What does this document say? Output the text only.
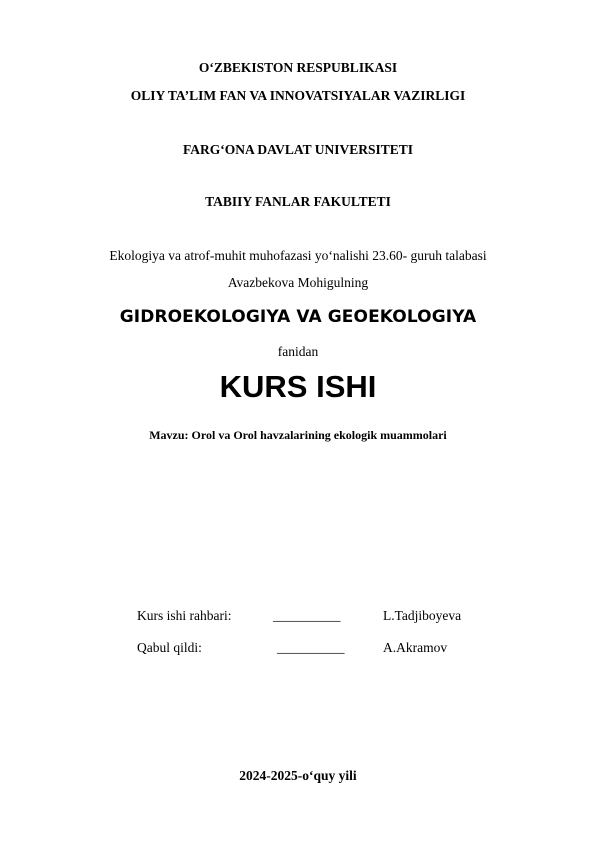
O‘ZBEKISTON RESPUBLIKASI
OLIY TA’LIM FAN VA INNOVATSIYALAR VAZIRLIGI
FARG‘ONA DAVLAT UNIVERSITETI
TABIIY FANLAR FAKULTETI
Ekologiya va atrof-muhit muhofazasi yo‘nalishi 23.60- guruh talabasi
Avazbekova Mohigulning
GIDROEKOLOGIYA VA GEOEKOLOGIYA
fanidan
KURS ISHI
Mavzu: Orol va Orol havzalarining ekologik muammolari
Kurs ishi rahbari:	__________	L.Tadjiboyeva
Qabul qildi:	__________	A.Akramov
2024-2025-o‘quy yili
